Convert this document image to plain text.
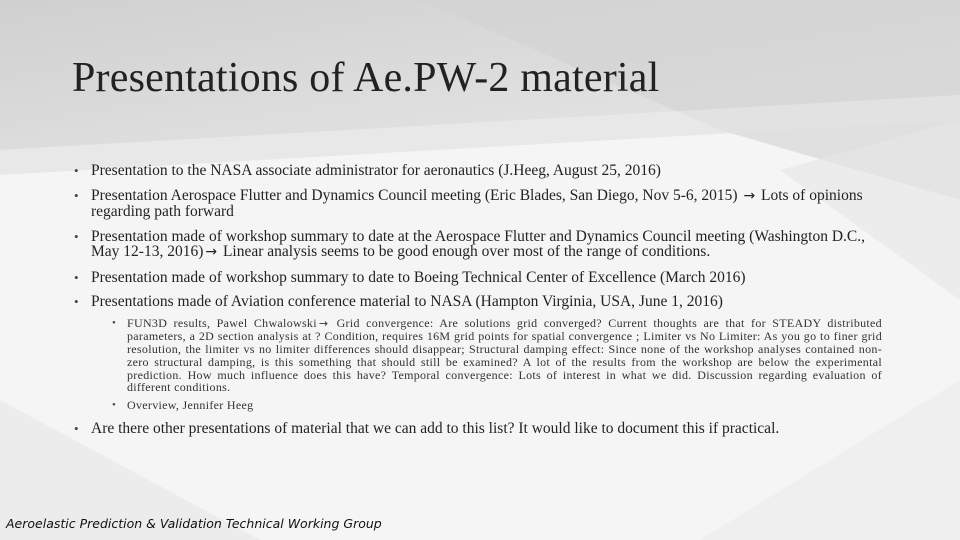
Presentations of Ae.PW-2 material
• Presentation to the NASA associate administrator for aeronautics (J.Heeg, August 25, 2016)
• Presentation Aerospace Flutter and Dynamics Council meeting (Eric Blades, San Diego, Nov 5-6, 2015) → Lots of opinions regarding path forward
• Presentation made of workshop summary to date at the Aerospace Flutter and Dynamics Council meeting (Washington D.C., May 12-13, 2016) → Linear analysis seems to be good enough over most of the range of conditions.
• Presentation made of workshop summary to date to Boeing Technical Center of Excellence (March 2016)
• Presentations made of Aviation conference material to NASA (Hampton Virginia, USA, June 1, 2016)
• FUN3D results, Pawel Chwalowski → Grid convergence: Are solutions grid converged? Current thoughts are that for STEADY distributed parameters, a 2D section analysis at ? Condition, requires 16M grid points for spatial convergence ; Limiter vs No Limiter: As you go to finer grid resolution, the limiter vs no limiter differences should disappear; Structural damping effect: Since none of the workshop analyses contained non-zero structural damping, is this something that should still be examined? A lot of the results from the workshop are below the experimental prediction. How much influence does this have? Temporal convergence: Lots of interest in what we did. Discussion regarding evaluation of different conditions.
• Overview, Jennifer Heeg
• Are there other presentations of material that we can add to this list? It would like to document this if practical.
Aeroelastic Prediction & Validation Technical Working Group
